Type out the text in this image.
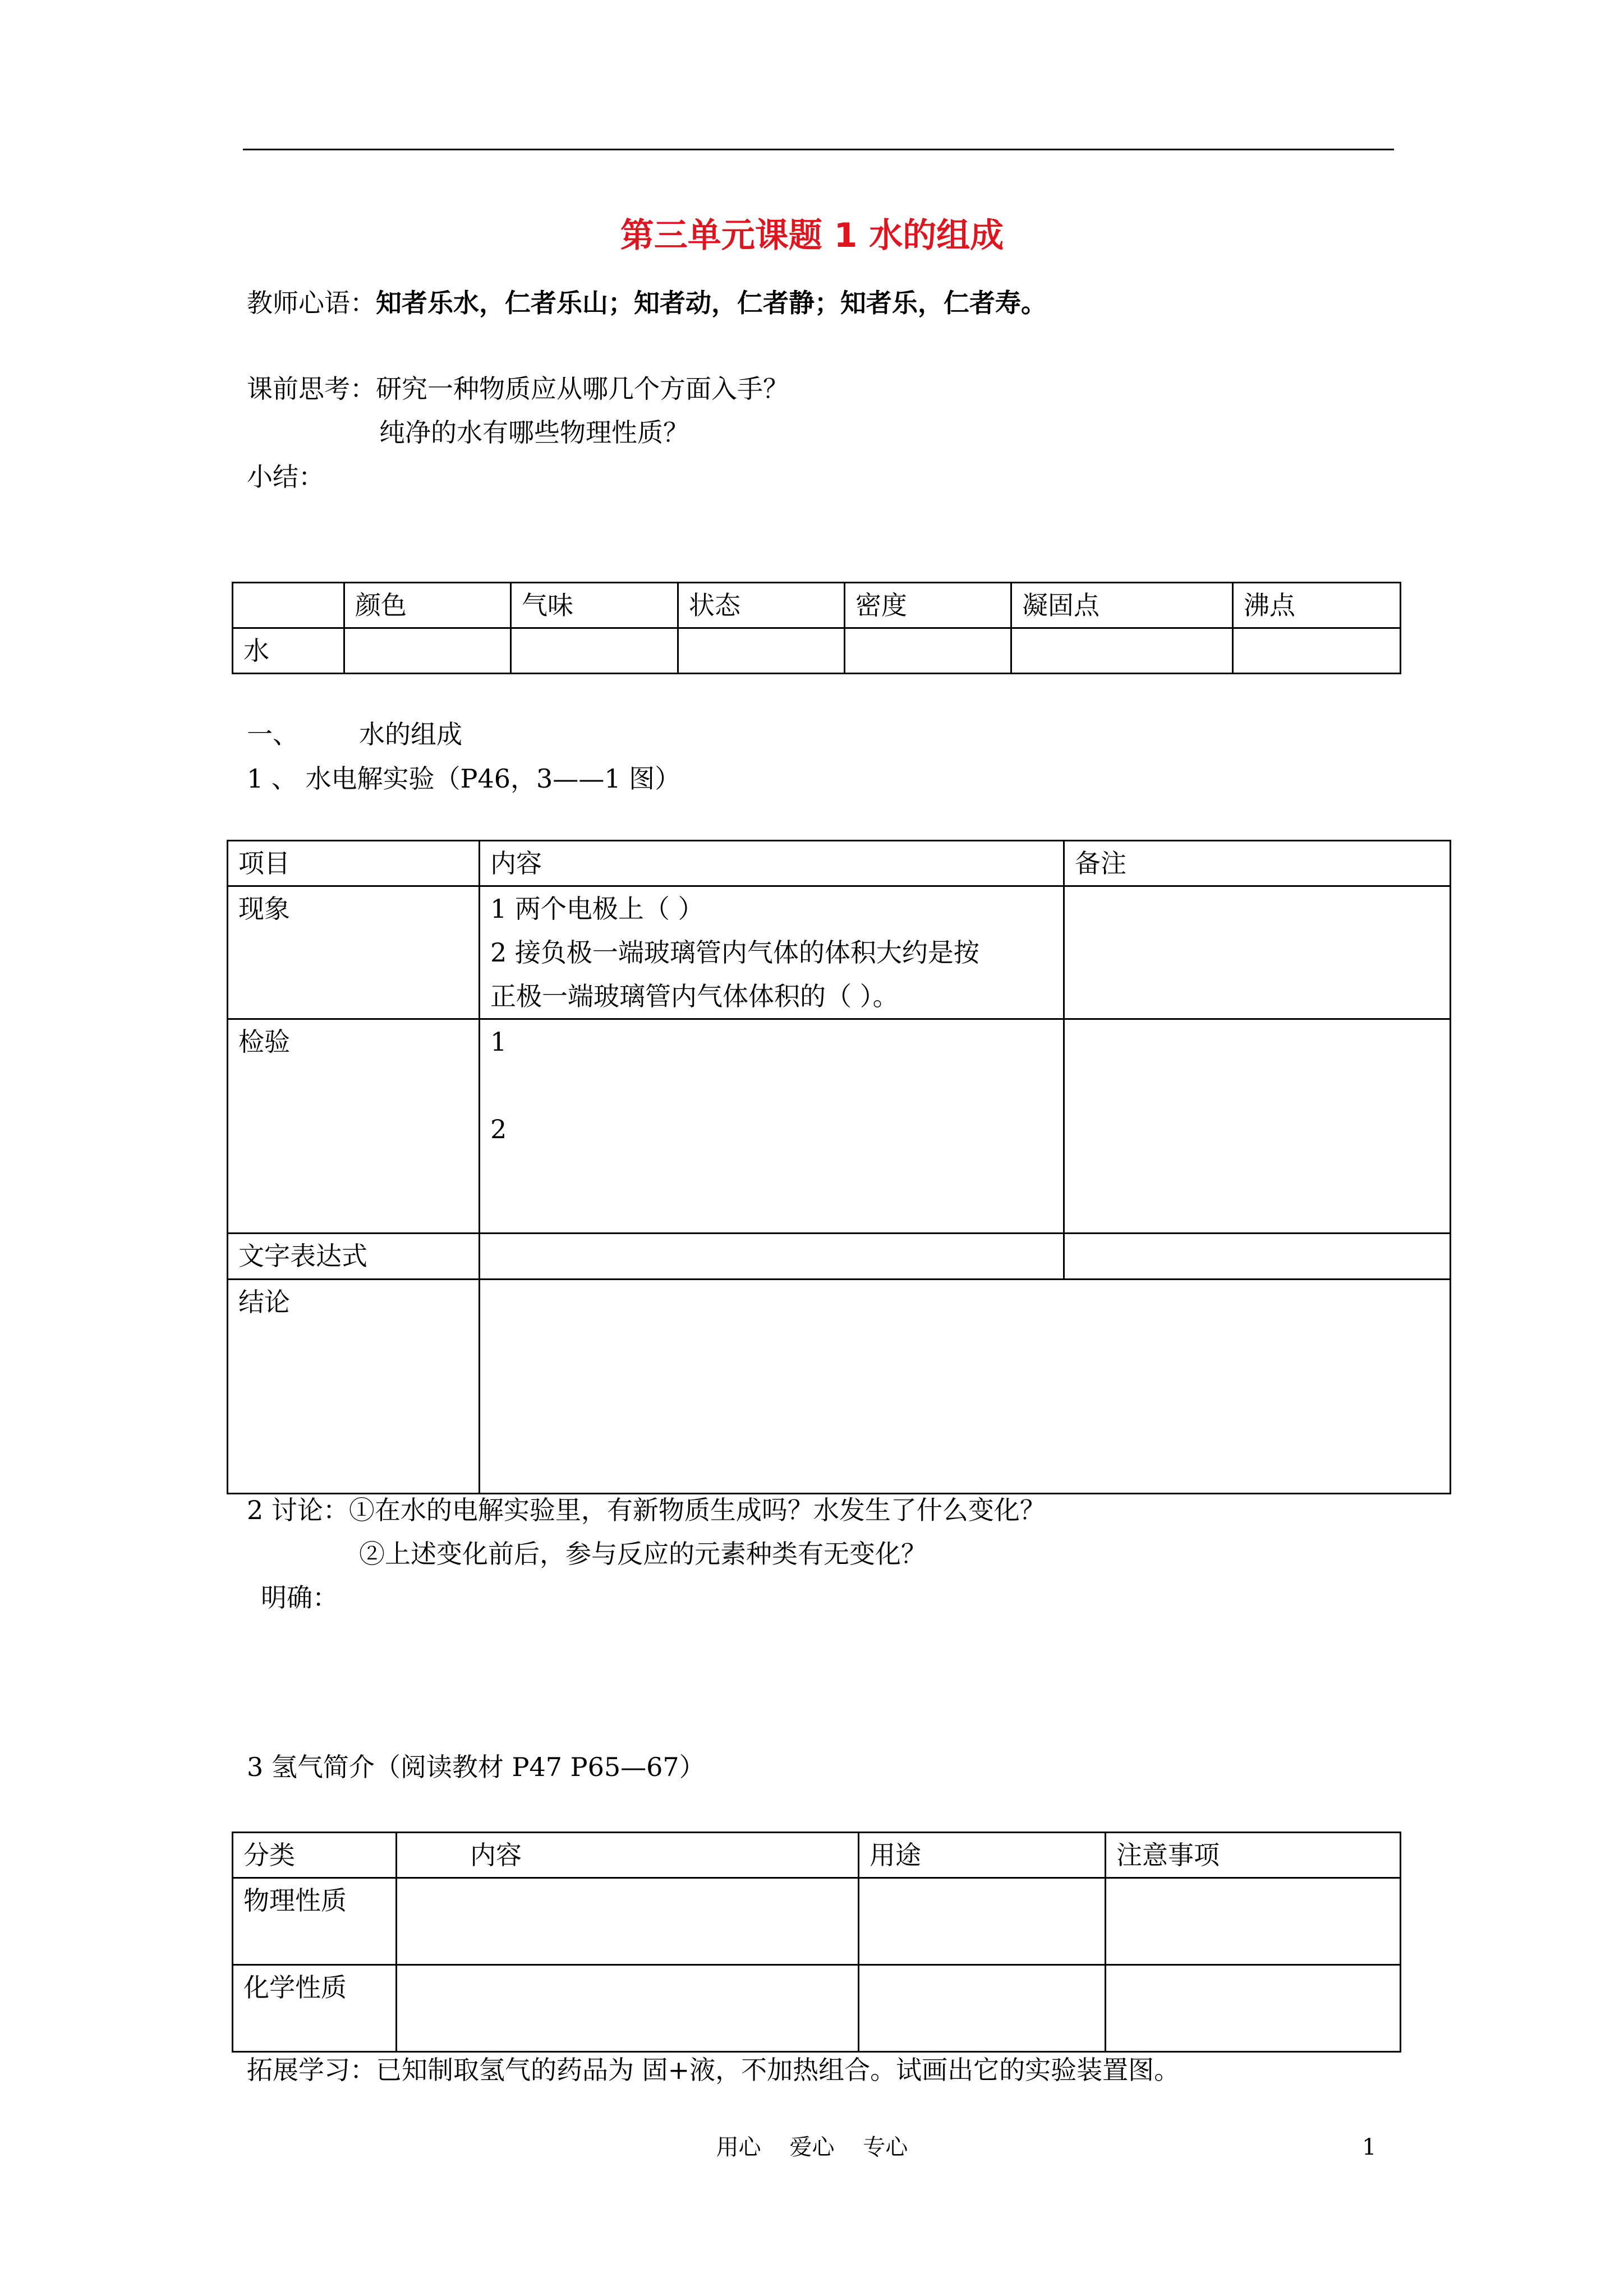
第三单元课题 1 水的组成
教师心语：知者乐水，仁者乐山；知者动，仁者静；知者乐，仁者寿。
课前思考：研究一种物质应从哪几个方面入手？
纯净的水有哪些物理性质？
小结：
	颜色	气味	状态	密度	凝固点	沸点
水						
一、 水的组成
1 、 水电解实验（P46，3——1 图）
项目	内容	备注
现象	1 两个电极上（ ）
2 接负极一端玻璃管内气体的体积大约是按
正极一端玻璃管内气体体积的（ ）。	

检验	1
2	

文字表达式		
结论		
2 讨论：①在水的电解实验里，有新物质生成吗？水发生了什么变化？
②上述变化前后，参与反应的元素种类有无变化？
明确：
3 氢气简介（阅读教材 P47 P65—67）
分类	内容	用途	注意事项
物理性质			
化学性质			
拓展学习：已知制取氢气的药品为 固+液，不加热组合。试画出它的实验装置图。
用心    爱心    专心	1
